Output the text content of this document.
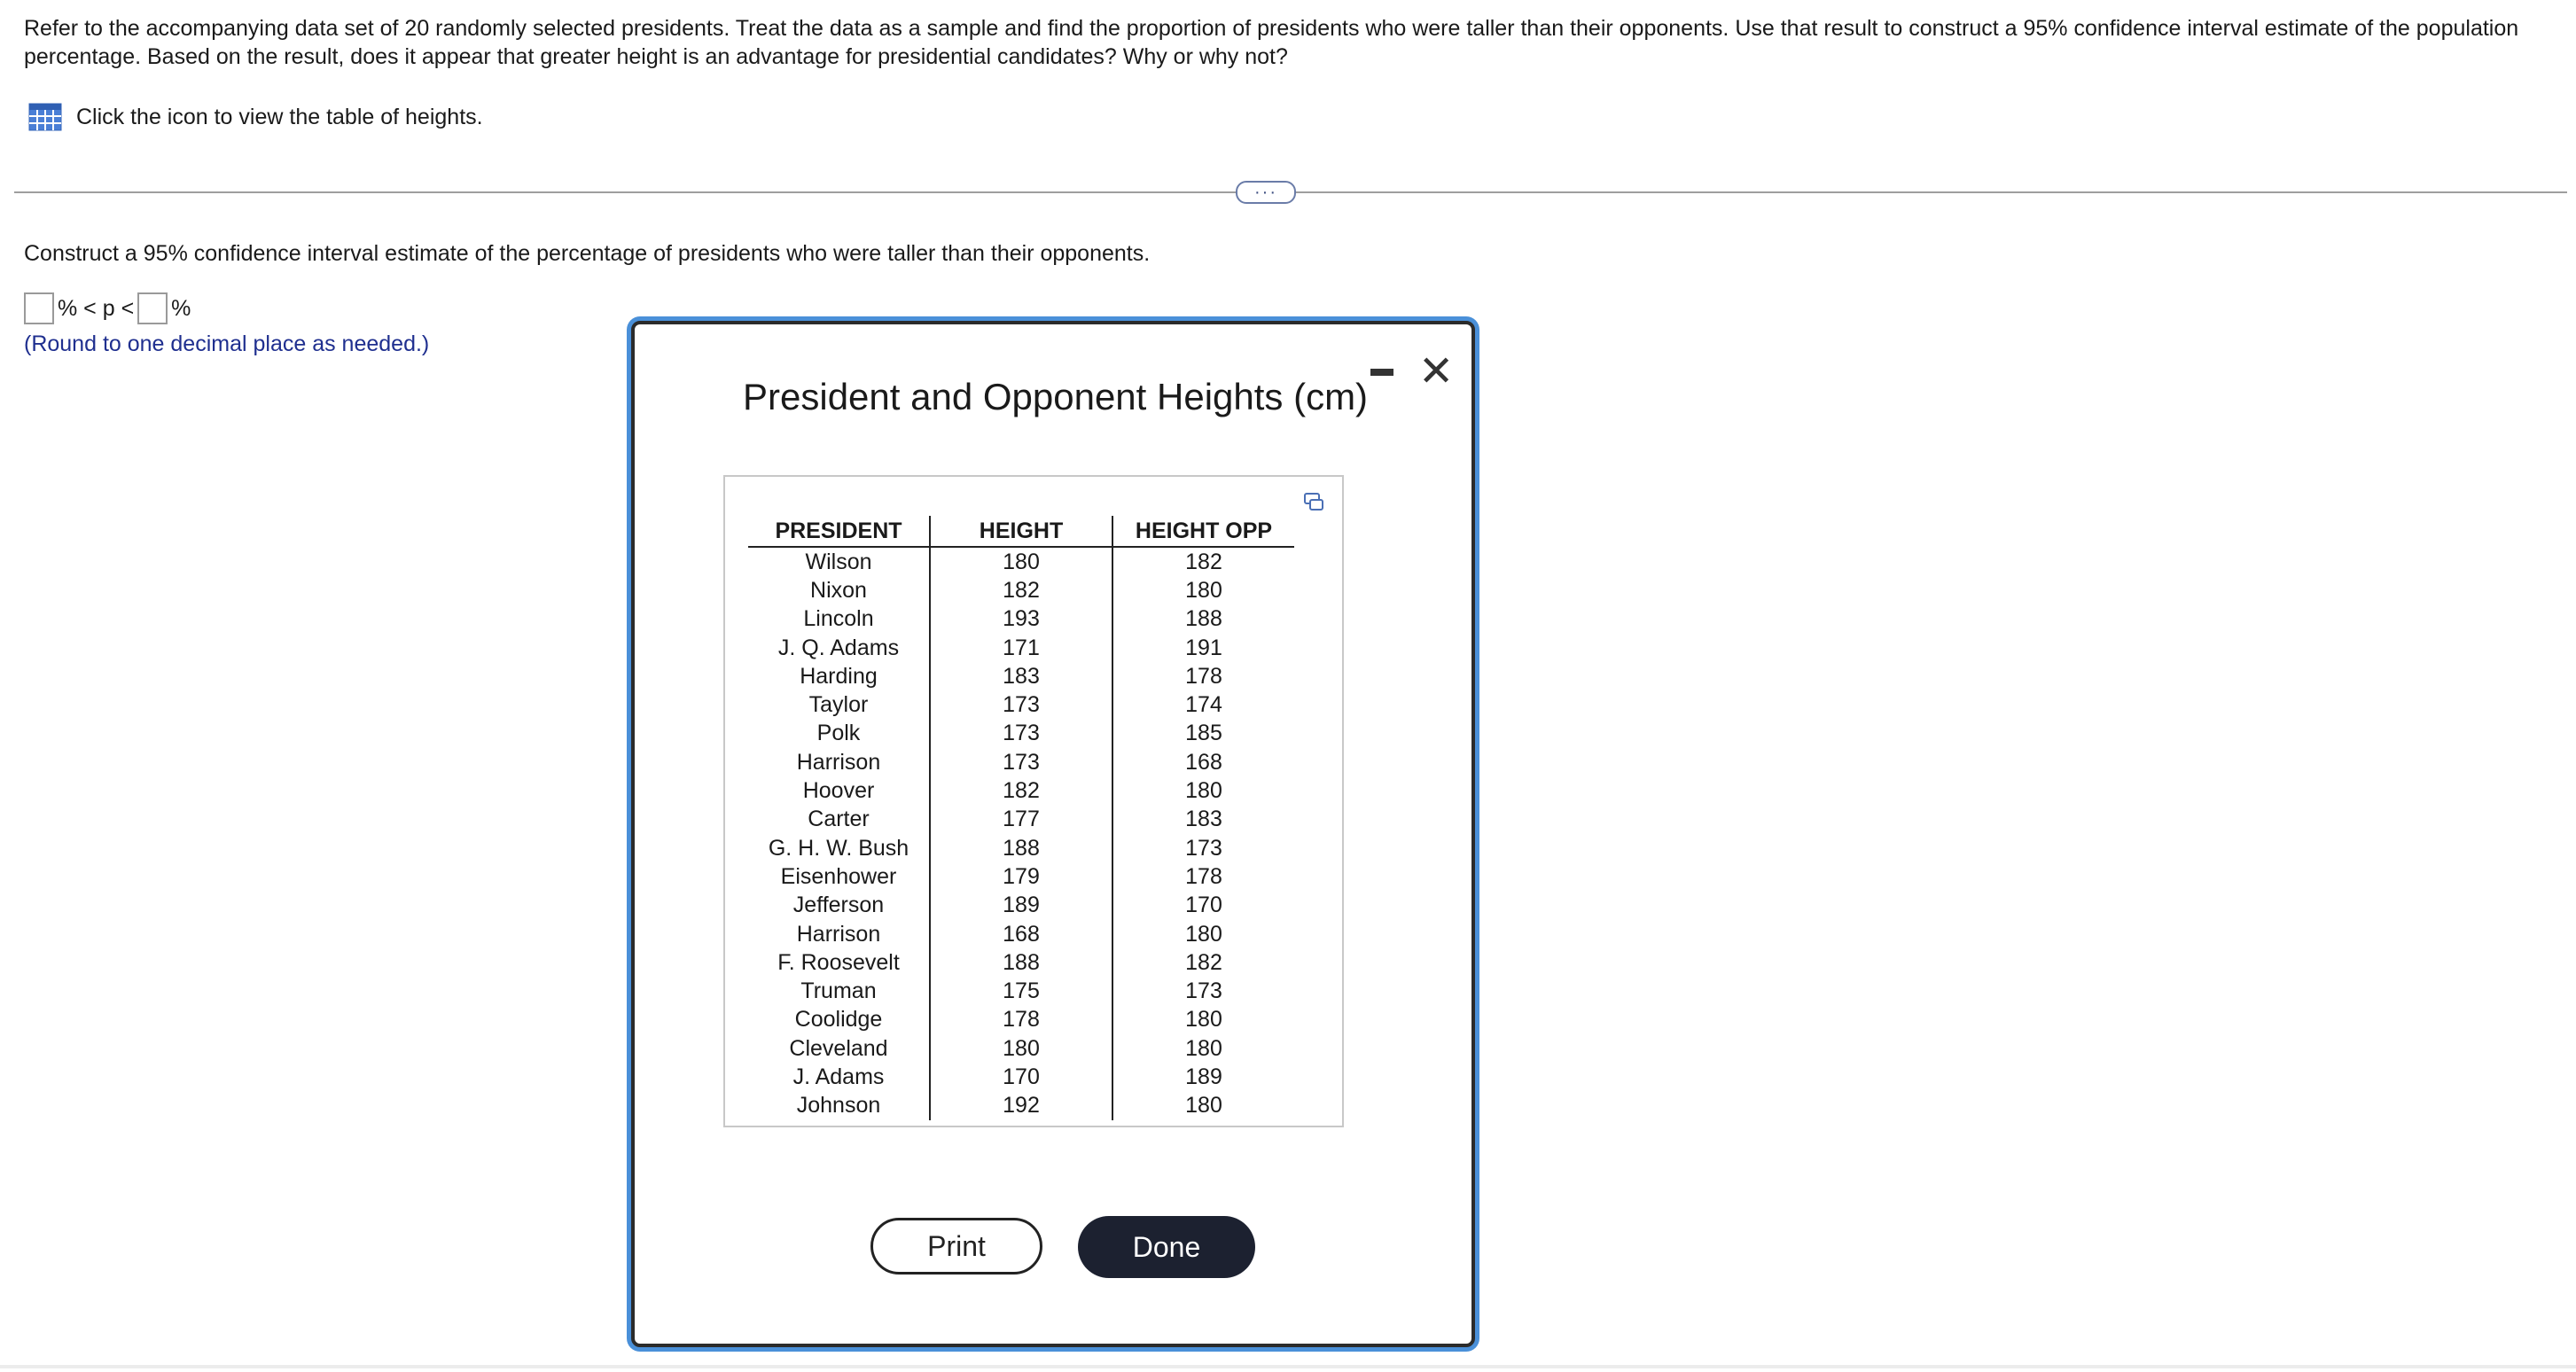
Refer to the accompanying data set of 20 randomly selected presidents. Treat the data as a sample and find the proportion of presidents who were taller than their opponents. Use that result to construct a 95% confidence interval estimate of the population percentage. Based on the result, does it appear that greater height is an advantage for presidential candidates? Why or why not?
Click the icon to view the table of heights.
···
Construct a 95% confidence interval estimate of the percentage of presidents who were taller than their opponents.
% < p < %
(Round to one decimal place as needed.)
President and Opponent Heights (cm)
✕
PRESIDENT	HEIGHT	HEIGHT OPP
Wilson	180	182
Nixon	182	180
Lincoln	193	188
J. Q. Adams	171	191
Harding	183	178
Taylor	173	174
Polk	173	185
Harrison	173	168
Hoover	182	180
Carter	177	183
G. H. W. Bush	188	173
Eisenhower	179	178
Jefferson	189	170
Harrison	168	180
F. Roosevelt	188	182
Truman	175	173
Coolidge	178	180
Cleveland	180	180
J. Adams	170	189
Johnson	192	180
Print	Done
